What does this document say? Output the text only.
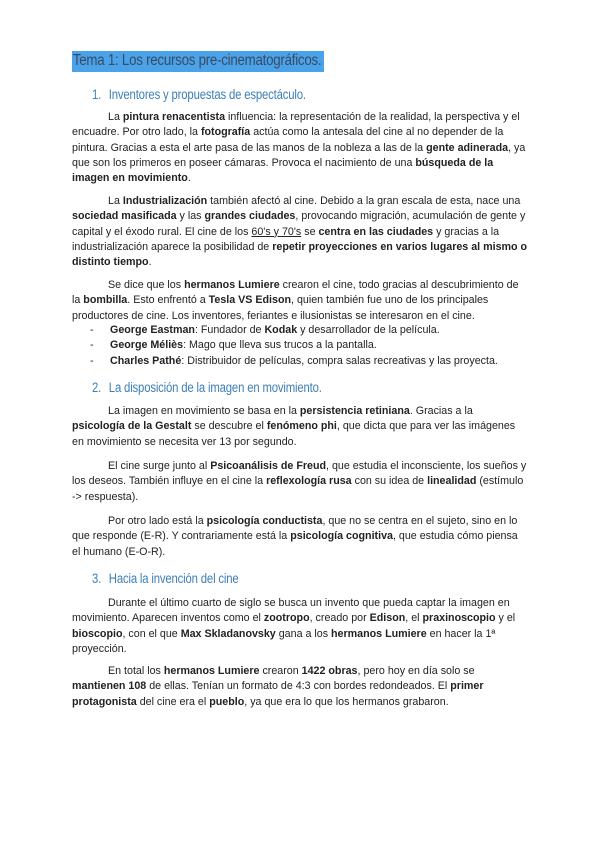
Tema 1: Los recursos pre-cinematográficos.
1. Inventores y propuestas de espectáculo.

La pintura renacentista influencia: la representación de la realidad, la perspectiva y el encuadre. Por otro lado, la fotografía actúa como la antesala del cine al no depender de la pintura. Gracias a esta el arte pasa de las manos de la nobleza a las de la gente adinerada, ya que son los primeros en poseer cámaras. Provoca el nacimiento de una búsqueda de la imagen en movimiento.

La Industrialización también afectó al cine. Debido a la gran escala de esta, nace una sociedad masificada y las grandes ciudades, provocando migración, acumulación de gente y capital y el éxodo rural. El cine de los 60's y 70's se centra en las ciudades y gracias a la industrialización aparece la posibilidad de repetir proyecciones en varios lugares al mismo o distinto tiempo.

Se dice que los hermanos Lumiere crearon el cine, todo gracias al descubrimiento de la bombilla. Esto enfrentó a Tesla VS Edison, quien también fue uno de los principales productores de cine. Los inventores, feriantes e ilusionistas se interesaron en el cine.

-	George Eastman: Fundador de Kodak y desarrollador de la película.
-	George Méliès: Mago que lleva sus trucos a la pantalla.
-	Charles Pathé: Distribuidor de películas, compra salas recreativas y las proyecta.
2. La disposición de la imagen en movimiento.

La imagen en movimiento se basa en la persistencia retiniana. Gracias a la psicología de la Gestalt se descubre el fenómeno phi, que dicta que para ver las imágenes en movimiento se necesita ver 13 por segundo.

El cine surge junto al Psicoanálisis de Freud, que estudia el inconsciente, los sueños y los deseos. También influye en el cine la reflexología rusa con su idea de linealidad (estímulo -> respuesta).

Por otro lado está la psicología conductista, que no se centra en el sujeto, sino en lo que responde (E-R). Y contrariamente está la psicología cognitiva, que estudia cómo piensa el humano (E-O-R).

3. Hacia la invención del cine

Durante el último cuarto de siglo se busca un invento que pueda captar la imagen en movimiento. Aparecen inventos como el zootropo, creado por Edison, el praxinoscopio y el bioscopio, con el que Max Skladanovsky gana a los hermanos Lumiere en hacer la 1ª proyección.

En total los hermanos Lumiere crearon 1422 obras, pero hoy en día solo se mantienen 108 de ellas. Tenían un formato de 4:3 con bordes redondeados. El primer protagonista del cine era el pueblo, ya que era lo que los hermanos grabaron.
